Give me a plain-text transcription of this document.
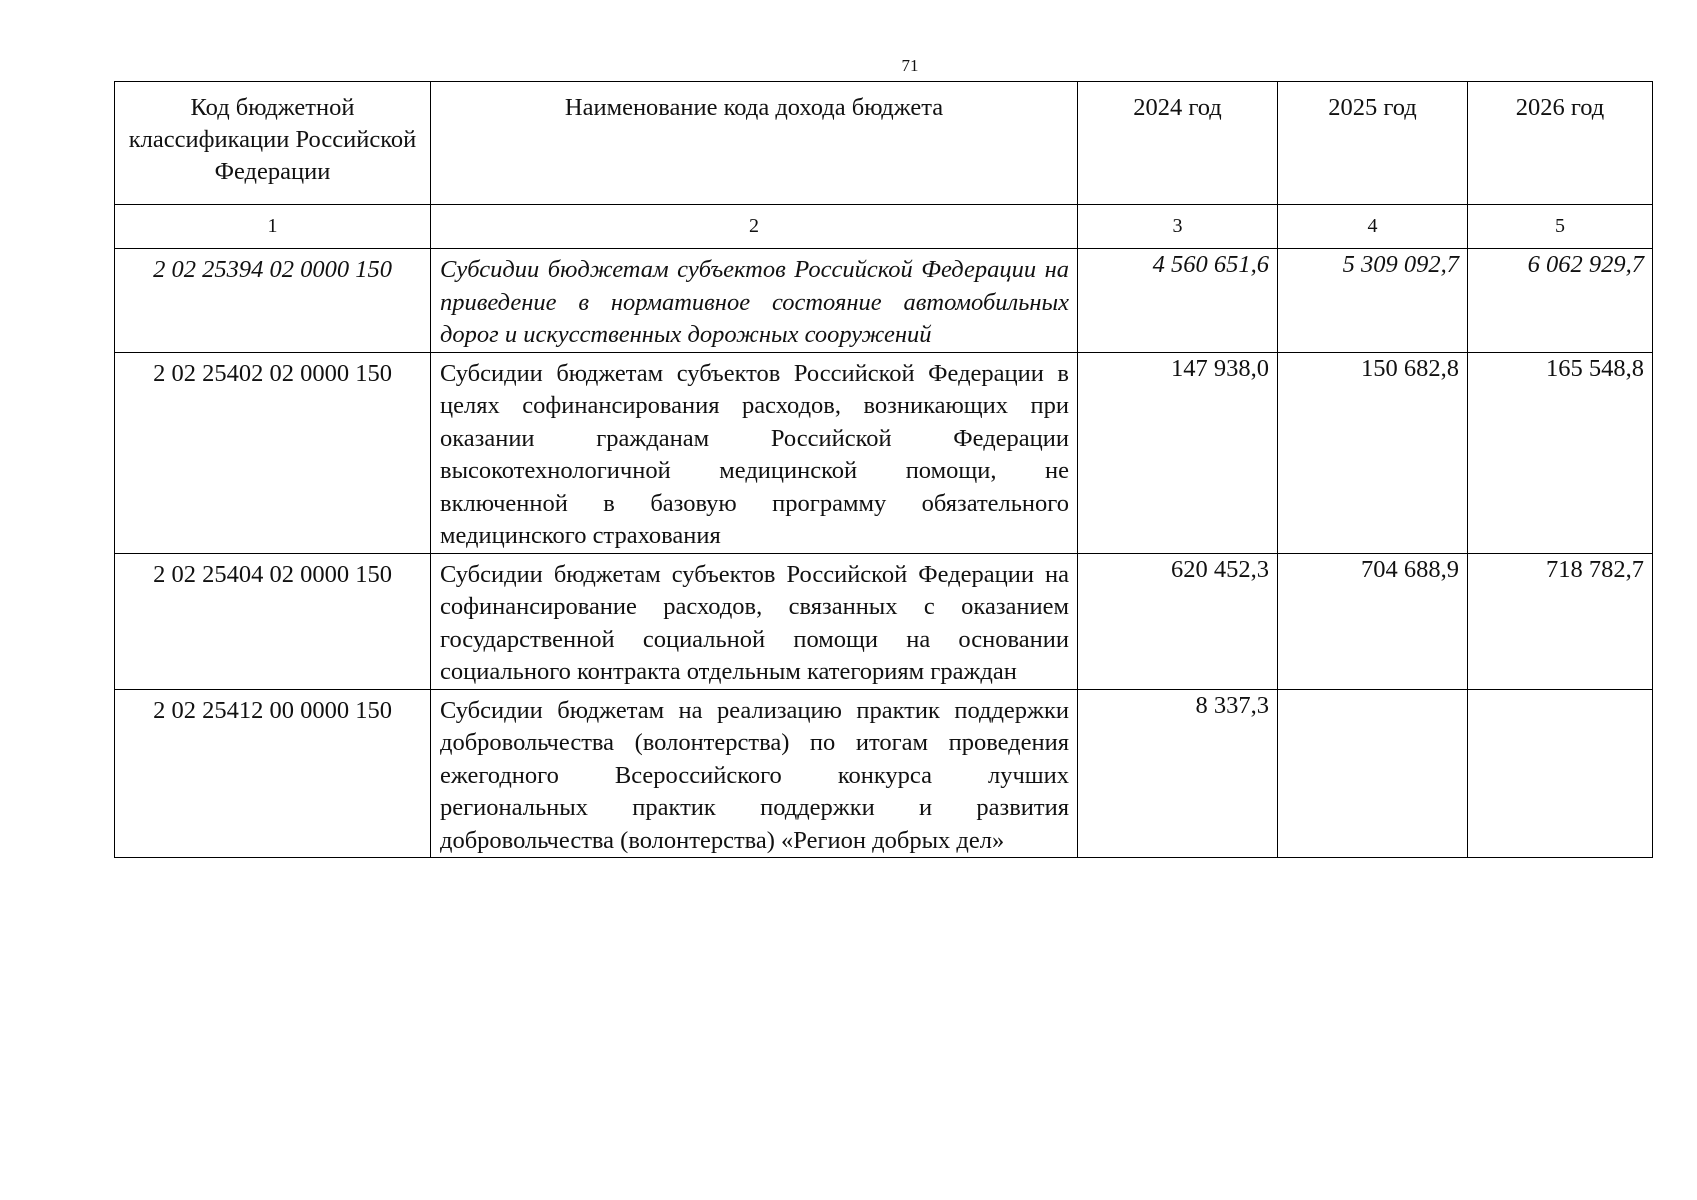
71
Код бюджетной классификации Российской Федерации	Наименование кода дохода бюджета	2024 год	2025 год	2026 год
1	2	3	4	5
2 02 25394 02 0000 150	Субсидии бюджетам субъектов Российской Федерации на приведение в нормативное состояние автомобильных дорог и искусственных дорожных сооружений	4 560 651,6	5 309 092,7	6 062 929,7
2 02 25402 02 0000 150	Субсидии бюджетам субъектов Российской Федерации в целях софинансирования расходов, возникающих при оказании гражданам Российской Федерации высокотехнологичной медицинской помощи, не включенной в базовую программу обязательного медицинского страхования	147 938,0	150 682,8	165 548,8
2 02 25404 02 0000 150	Субсидии бюджетам субъектов Российской Федерации на софинансирование расходов, связанных с оказанием государственной социальной помощи на основании социального контракта отдельным категориям граждан	620 452,3	704 688,9	718 782,7
2 02 25412 00 0000 150	Субсидии бюджетам на реализацию практик поддержки добровольчества (волонтерства) по итогам проведения ежегодного Всероссийского конкурса лучших региональных практик поддержки и развития добровольчества (волонтерства) «Регион добрых дел»	8 337,3		
